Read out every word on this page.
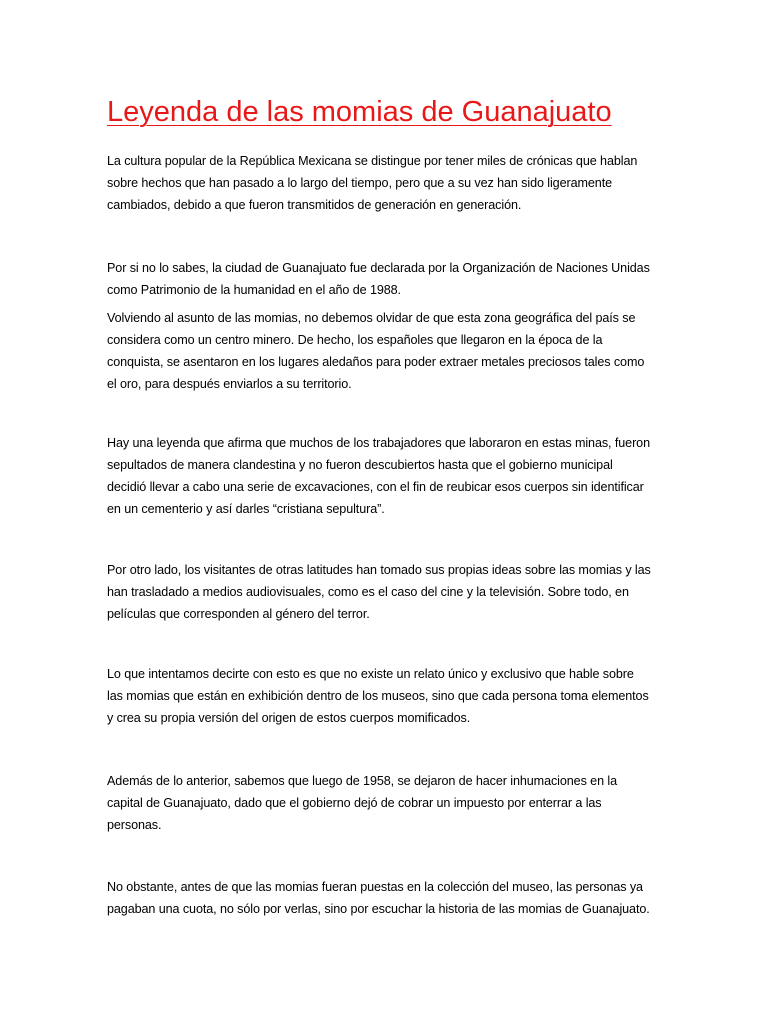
Leyenda de las momias de Guanajuato

La cultura popular de la República Mexicana se distingue por tener miles de crónicas que hablan
sobre hechos que han pasado a lo largo del tiempo, pero que a su vez han sido ligeramente
cambiados, debido a que fueron transmitidos de generación en generación.

Por si no lo sabes, la ciudad de Guanajuato fue declarada por la Organización de Naciones Unidas
como Patrimonio de la humanidad en el año de 1988.

Volviendo al asunto de las momias, no debemos olvidar de que esta zona geográfica del país se
considera como un centro minero. De hecho, los españoles que llegaron en la época de la
conquista, se asentaron en los lugares aledaños para poder extraer metales preciosos tales como
el oro, para después enviarlos a su territorio.

Hay una leyenda que afirma que muchos de los trabajadores que laboraron en estas minas, fueron
sepultados de manera clandestina y no fueron descubiertos hasta que el gobierno municipal
decidió llevar a cabo una serie de excavaciones, con el fin de reubicar esos cuerpos sin identificar
en un cementerio y así darles “cristiana sepultura”.

Por otro lado, los visitantes de otras latitudes han tomado sus propias ideas sobre las momias y las
han trasladado a medios audiovisuales, como es el caso del cine y la televisión. Sobre todo, en
películas que corresponden al género del terror.

Lo que intentamos decirte con esto es que no existe un relato único y exclusivo que hable sobre
las momias que están en exhibición dentro de los museos, sino que cada persona toma elementos
y crea su propia versión del origen de estos cuerpos momificados.

Además de lo anterior, sabemos que luego de 1958, se dejaron de hacer inhumaciones en la
capital de Guanajuato, dado que el gobierno dejó de cobrar un impuesto por enterrar a las
personas.

No obstante, antes de que las momias fueran puestas en la colección del museo, las personas ya
pagaban una cuota, no sólo por verlas, sino por escuchar la historia de las momias de Guanajuato.
